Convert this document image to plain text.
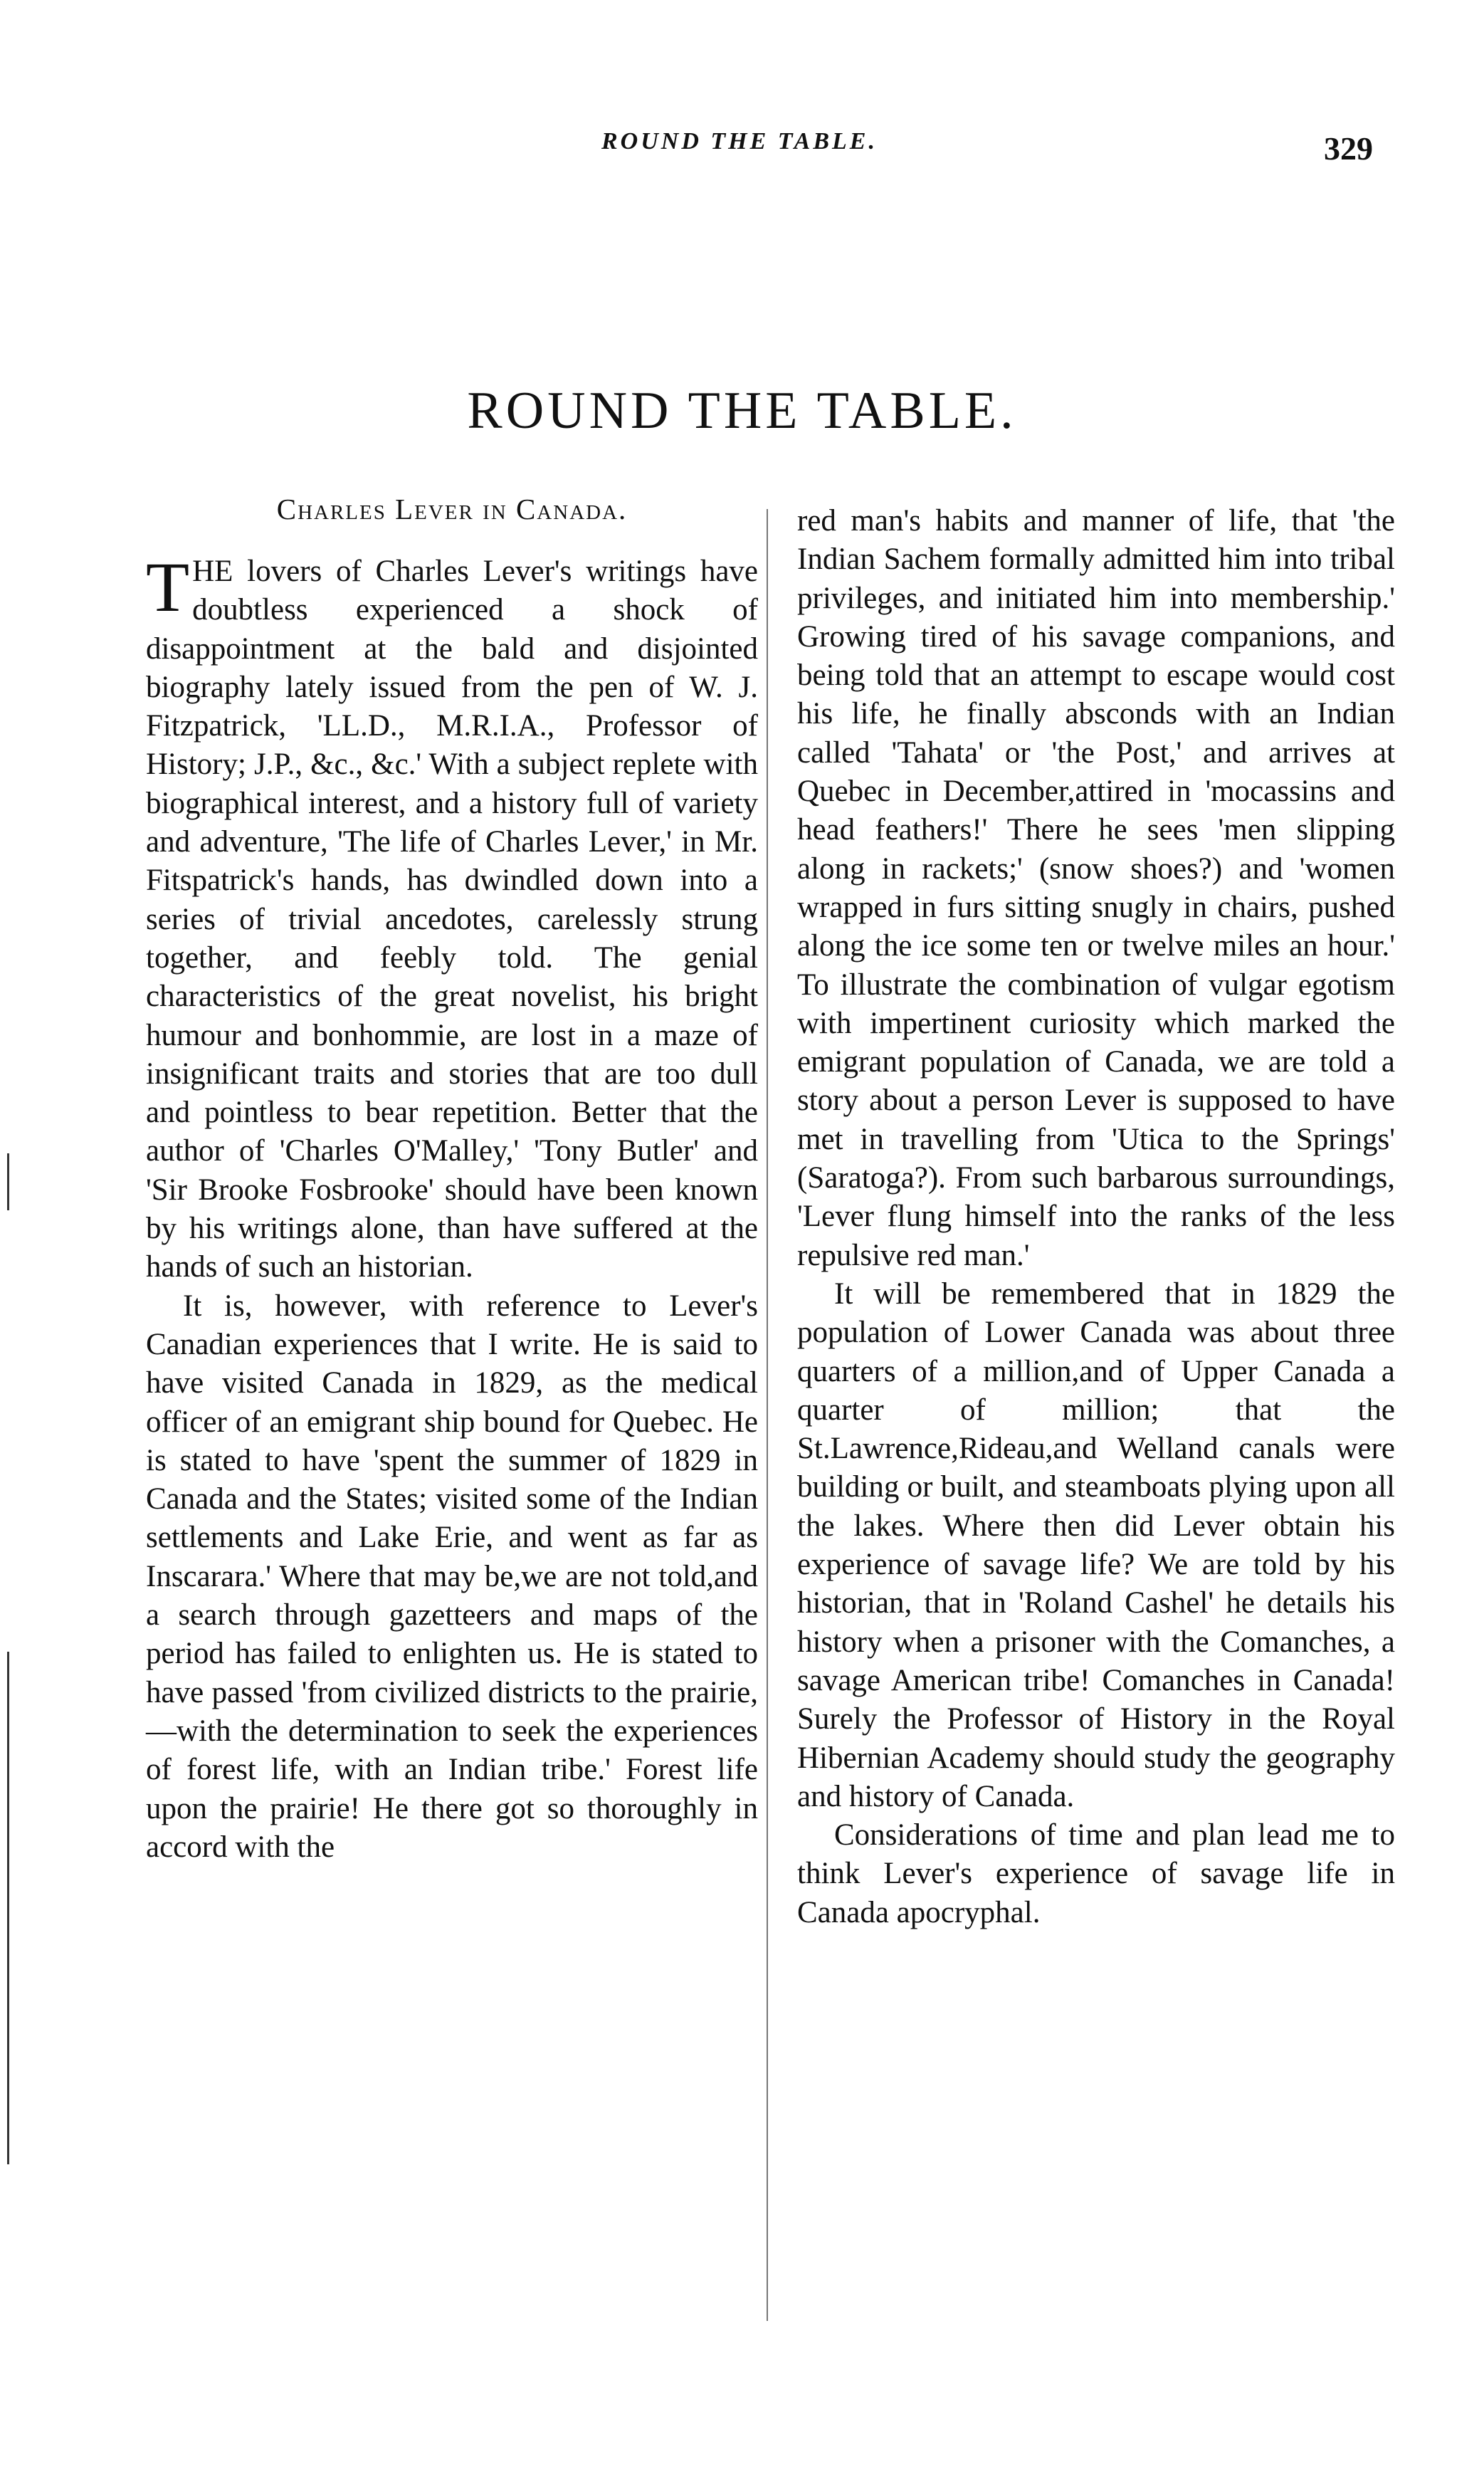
ROUND THE TABLE.	329
ROUND THE TABLE.
Charles Lever in Canada.

THE lovers of Charles Lever's writings have doubtless experienced a shock of disappointment at the bald and disjointed biography lately issued from the pen of W. J. Fitzpatrick, 'LL.D., M.R.I.A., Professor of History; J.P., &c., &c.' With a subject replete with biographical interest, and a history full of variety and adventure, 'The life of Charles Lever,' in Mr. Fitspatrick's hands, has dwindled down into a series of trivial ancedotes, carelessly strung together, and feebly told. The genial characteristics of the great novelist, his bright humour and bonhommie, are lost in a maze of insignificant traits and stories that are too dull and pointless to bear repetition. Better that the author of 'Charles O'Malley,' 'Tony Butler' and 'Sir Brooke Fosbrooke' should have been known by his writings alone, than have suffered at the hands of such an historian.

It is, however, with reference to Lever's Canadian experiences that I write. He is said to have visited Canada in 1829, as the medical officer of an emigrant ship bound for Quebec. He is stated to have 'spent the summer of 1829 in Canada and the States; visited some of the Indian settlements and Lake Erie, and went as far as Inscarara.' Where that may be,we are not told,and a search through gazetteers and maps of the period has failed to enlighten us. He is stated to have passed 'from civilized districts to the prairie,—with the determination to seek the experiences of forest life, with an Indian tribe.' Forest life upon the prairie! He there got so thoroughly in accord with the

red man's habits and manner of life, that 'the Indian Sachem formally admitted him into tribal privileges, and initiated him into membership.' Growing tired of his savage companions, and being told that an attempt to escape would cost his life, he finally absconds with an Indian called 'Tahata' or 'the Post,' and arrives at Quebec in December,attired in 'mocassins and head feathers!' There he sees 'men slipping along in rackets;' (snow shoes?) and 'women wrapped in furs sitting snugly in chairs, pushed along the ice some ten or twelve miles an hour.' To illustrate the combination of vulgar egotism with impertinent curiosity which marked the emigrant population of Canada, we are told a story about a person Lever is supposed to have met in travelling from 'Utica to the Springs' (Saratoga?). From such barbarous surroundings, 'Lever flung himself into the ranks of the less repulsive red man.'

It will be remembered that in 1829 the population of Lower Canada was about three quarters of a million,and of Upper Canada a quarter of million; that the St.Lawrence,Rideau,and Welland canals were building or built, and steamboats plying upon all the lakes. Where then did Lever obtain his experience of savage life? We are told by his historian, that in 'Roland Cashel' he details his history when a prisoner with the Comanches, a savage American tribe! Comanches in Canada! Surely the Professor of History in the Royal Hibernian Academy should study the geography and history of Canada.

Considerations of time and plan lead me to think Lever's experience of savage life in Canada apocryphal.
